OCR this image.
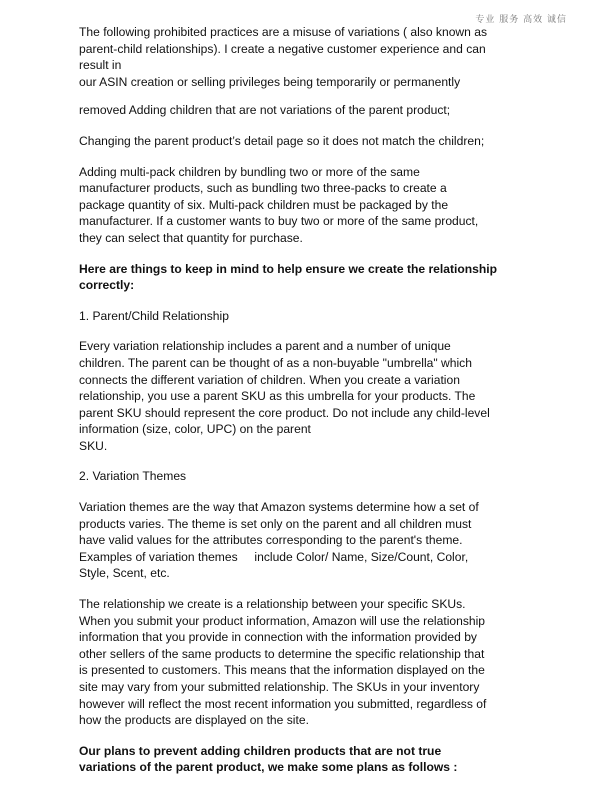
专业 服务 高效 诚信

The following prohibited practices are a misuse of variations ( also known as

parent-child relationships). I create a negative customer experience and can

result in

our ASIN creation or selling privileges being temporarily or permanently

removed Adding children that are not variations of the parent product;

Changing the parent product’s detail page so it does not match the children;

Adding multi-pack children by bundling two or more of the same

manufacturer products, such as bundling two three-packs to create a

package quantity of six. Multi-pack children must be packaged by the

manufacturer. If a customer wants to buy two or more of the same product,

they can select that quantity for purchase.

Here are things to keep in mind to help ensure we create the relationship

correctly:

1. Parent/Child Relationship

Every variation relationship includes a parent and a number of unique

children. The parent can be thought of as a non-buyable "umbrella" which

connects the different variation of children. When you create a variation

relationship, you use a parent SKU as this umbrella for your products. The

parent SKU should represent the core product. Do not include any child-level

information (size, color, UPC) on the parent

SKU.

2. Variation Themes

Variation themes are the way that Amazon systems determine how a set of

products varies. The theme is set only on the parent and all children must

have valid values for the attributes corresponding to the parent's theme.

Examples of variation themes     include Color/ Name, Size/Count, Color,

Style, Scent, etc.

The relationship we create is a relationship between your specific SKUs.

When you submit your product information, Amazon will use the relationship

information that you provide in connection with the information provided by

other sellers of the same products to determine the specific relationship that

is presented to customers. This means that the information displayed on the

site may vary from your submitted relationship. The SKUs in your inventory

however will reflect the most recent information you submitted, regardless of

how the products are displayed on the site.

Our plans to prevent adding children products that are not true

variations of the parent product, we make some plans as follows :
